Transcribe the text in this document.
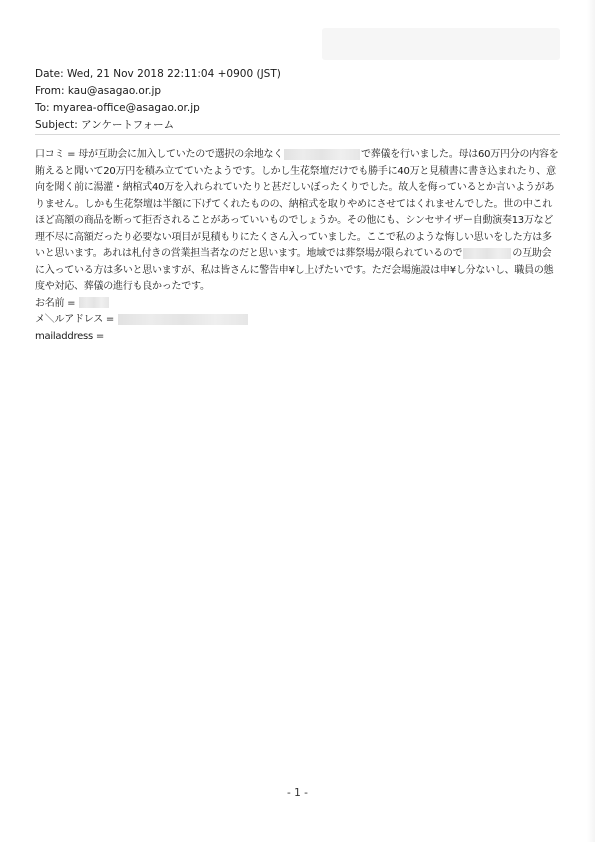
Date: Wed, 21 Nov 2018 22:11:04 +0900 (JST)
From: kau@asagao.or.jp
To: myarea-office@asagao.or.jp
Subject: アンケートフォーム
口コミ = 母が互助会に加入していたので選択の余地なく	で葬儀を行いました。母は60万円分の内容を賄えると聞いて20万円を積み立てていたようです。しかし生花祭壇だけでも勝手に40万と見積書に書き込まれたり、意向を聞く前に湯灌・納棺式40万を入れられていたりと甚だしいぼったくりでした。故人を侮っているとか言いようがありません。しかも生花祭壇は半額に下げてくれたものの、納棺式を取りやめにさせてはくれませんでした。世の中これほど高額の商品を断って拒否されることがあっていいものでしょうか。その他にも、シンセサイザー自動演奏13万など理不尽に高額だったり必要ない項目が見積もりにたくさん入っていました。ここで私のような悔しい思いをした方は多いと思います。あれは札付きの営業担当者なのだと思います。地域では葬祭場が限られているので	の互助会に入っている方は多いと思いますが、私は皆さんに警告申¥し上げたいです。ただ会場施設は申¥し分ないし、職員の態度や対応、葬儀の進行も良かったです。
お名前 =
メ＼ルアドレス =
mailaddress =
- 1 -
